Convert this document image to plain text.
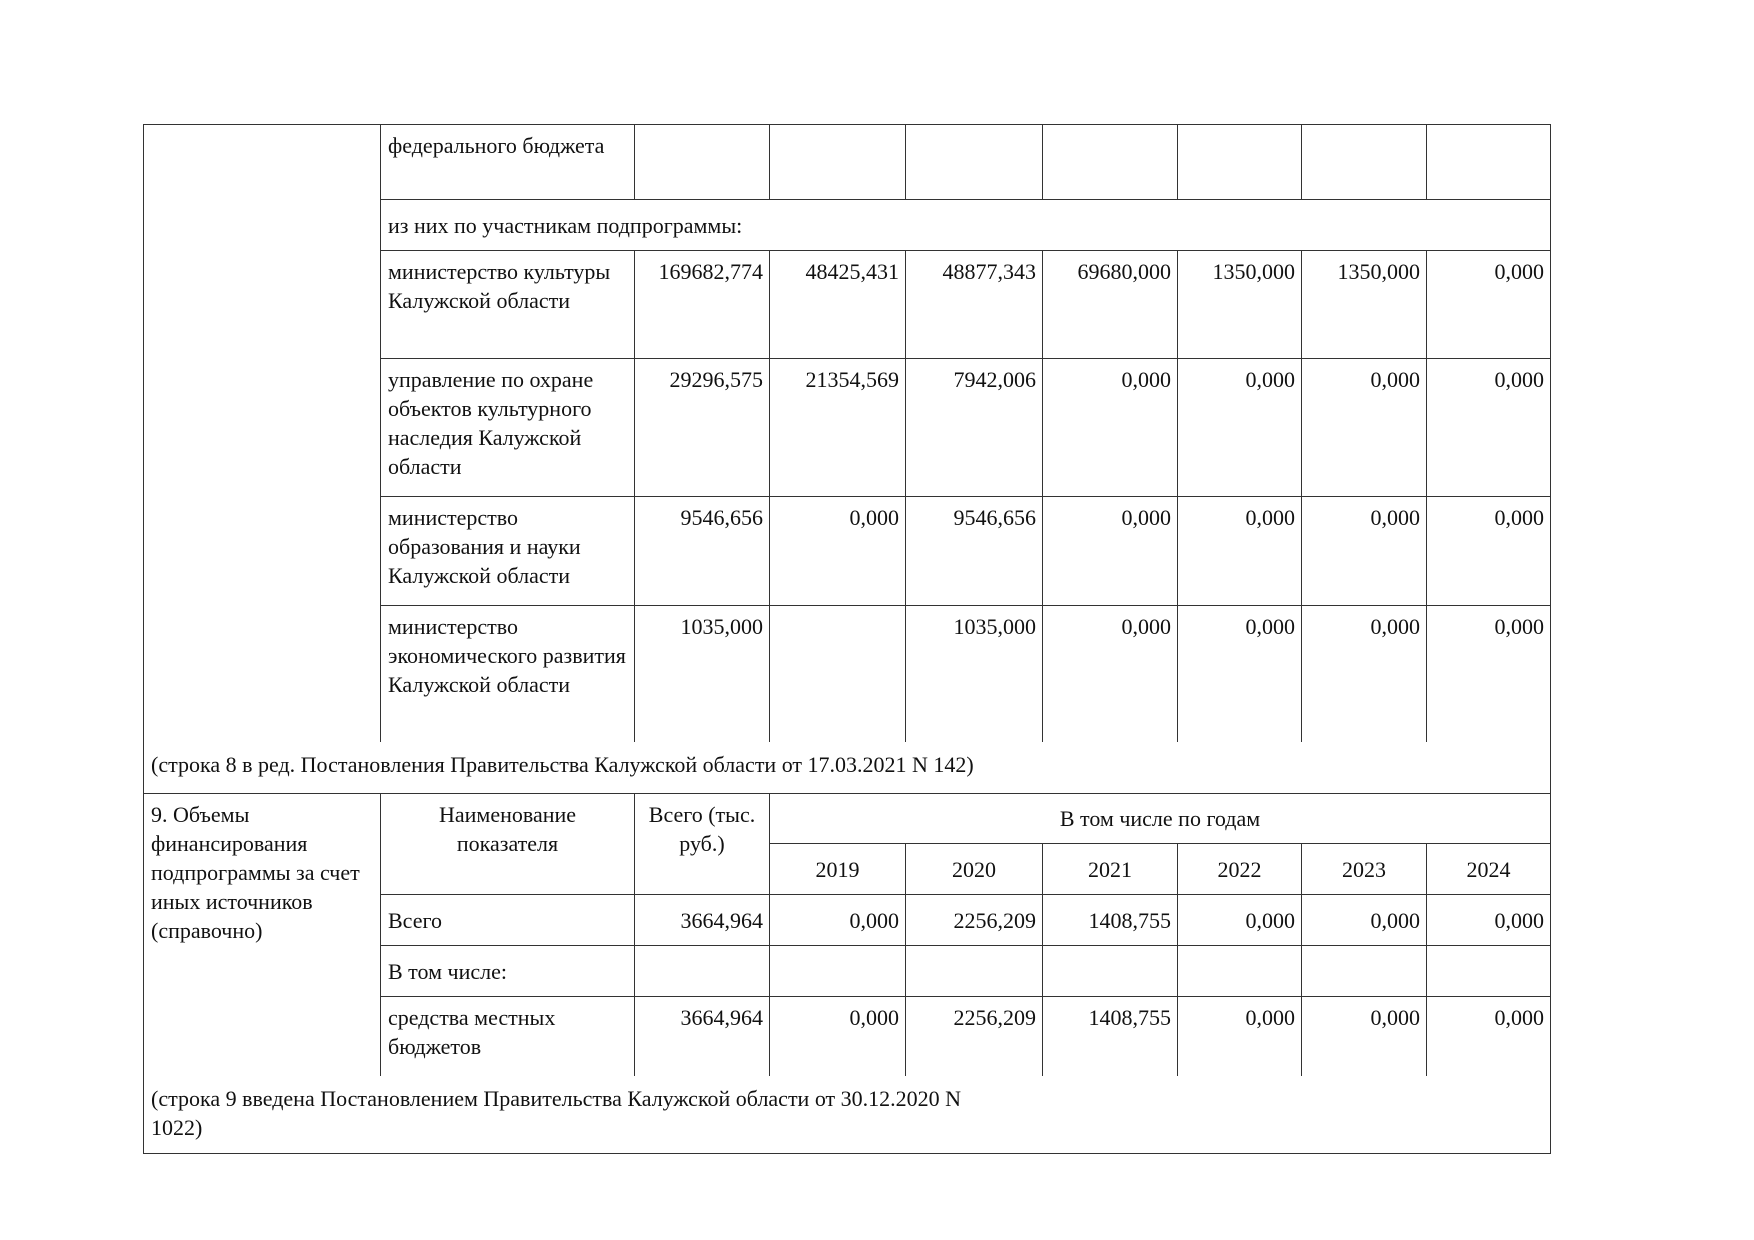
	федерального бюджета							
	из них по участникам подпрограммы:							
	министерство культуры Калужской области	169682,774	48425,431	48877,343	69680,000	1350,000	1350,000	0,000
	управление по охране объектов культурного наследия Калужской области	29296,575	21354,569	7942,006	0,000	0,000	0,000	0,000
	министерство образования и науки Калужской области	9546,656	0,000	9546,656	0,000	0,000	0,000	0,000
	министерство экономического развития Калужской области	1035,000		1035,000	0,000	0,000	0,000	0,000
(строка 8 в ред. Постановления Правительства Калужской области от 17.03.2021 N 142)								
9. Объемы финансирования подпрограммы за счет иных источников (справочно)	Наименование показателя	Всего (тыс. руб.)	В том числе по годам					
			2019	2020	2021	2022	2023	2024
	Всего	3664,964	0,000	2256,209	1408,755	0,000	0,000	0,000
	В том числе:							
	средства местных бюджетов	3664,964	0,000	2256,209	1408,755	0,000	0,000	0,000

(строка 9 введена Постановлением Правительства Калужской области от 30.12.2020 N 1022)								
